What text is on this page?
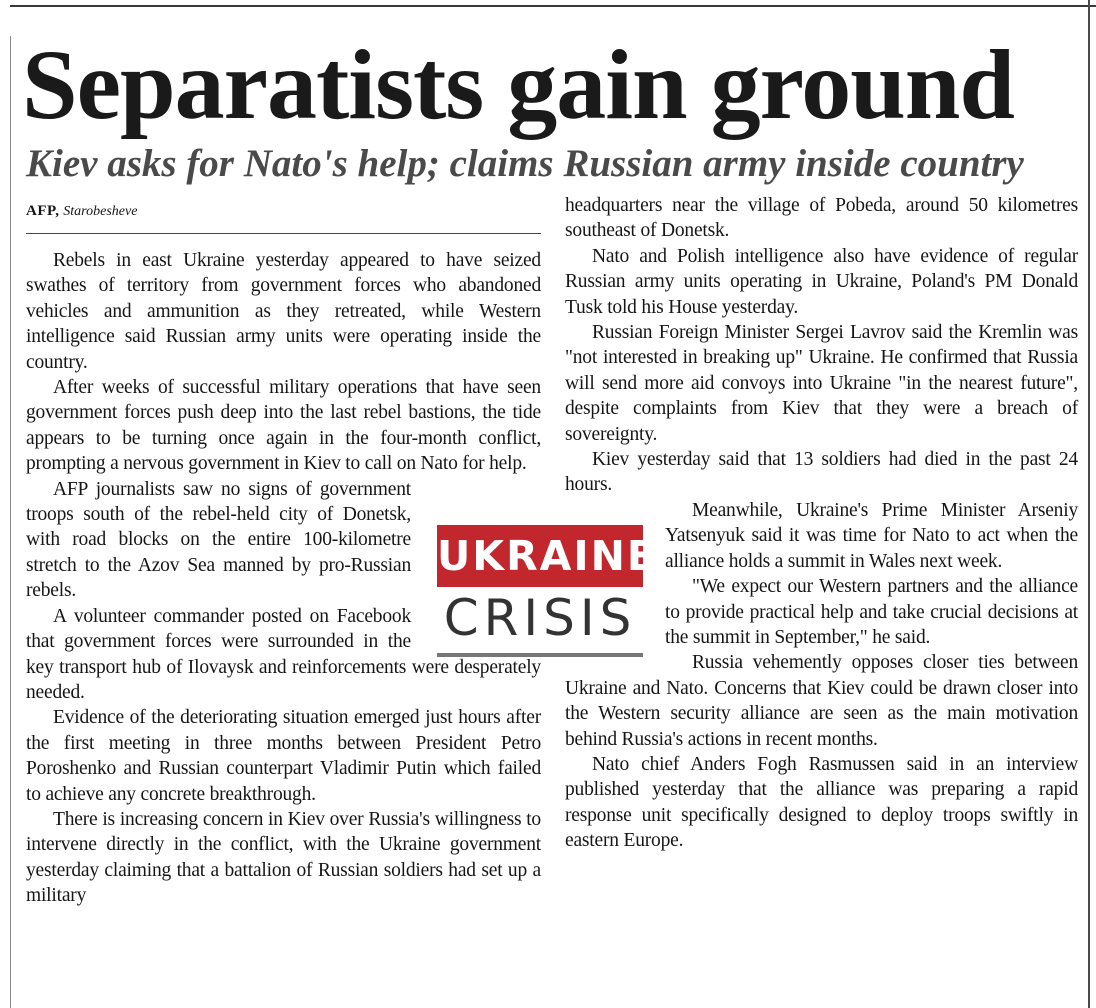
Separatists gain ground
Kiev asks for Nato's help; claims Russian army inside country
AFP, Starobesheve

Rebels in east Ukraine yesterday appeared to have seized swathes of territory from government forces who abandoned vehicles and ammunition as they retreated, while Western intelligence said Russian army units were operating inside the country.

After weeks of successful military operations that have seen government forces push deep into the last rebel bastions, the tide appears to be turning once again in the four-month conflict, prompting a nervous government in Kiev to call on Nato for help.

AFP journalists saw no signs of government troops south of the rebel-held city of Donetsk, with road blocks on the entire 100-kilometre stretch to the Azov Sea manned by pro-Russian rebels.

A volunteer commander posted on Facebook that government forces were surrounded in the key transport hub of Ilovaysk and reinforcements were desperately needed.

Evidence of the deteriorating situation emerged just hours after the first meeting in three months between President Petro Poroshenko and Russian counterpart Vladimir Putin which failed to achieve any concrete breakthrough.

There is increasing concern in Kiev over Russia's willingness to intervene directly in the conflict, with the Ukraine government yesterday claiming that a battalion of Russian soldiers had set up a military

headquarters near the village of Pobeda, around 50 kilometres southeast of Donetsk.

Nato and Polish intelligence also have evidence of regular Russian army units operating in Ukraine, Poland's PM Donald Tusk told his House yesterday.

Russian Foreign Minister Sergei Lavrov said the Kremlin was "not interested in breaking up" Ukraine. He confirmed that Russia will send more aid convoys into Ukraine "in the nearest future", despite complaints from Kiev that they were a breach of sovereignty.

Kiev yesterday said that 13 soldiers had died in the past 24 hours.

Meanwhile, Ukraine's Prime Minister Arseniy Yatsenyuk said it was time for Nato to act when the alliance holds a summit in Wales next week.

"We expect our Western partners and the alliance to provide practical help and take crucial decisions at the summit in September," he said.

Russia vehemently opposes closer ties between Ukraine and Nato. Concerns that Kiev could be drawn closer into the Western security alliance are seen as the main motivation behind Russia's actions in recent months.

Nato chief Anders Fogh Rasmussen said in an interview published yesterday that the alliance was preparing a rapid response unit specifically designed to deploy troops swiftly in eastern Europe.

UKRAINE
CRISIS
